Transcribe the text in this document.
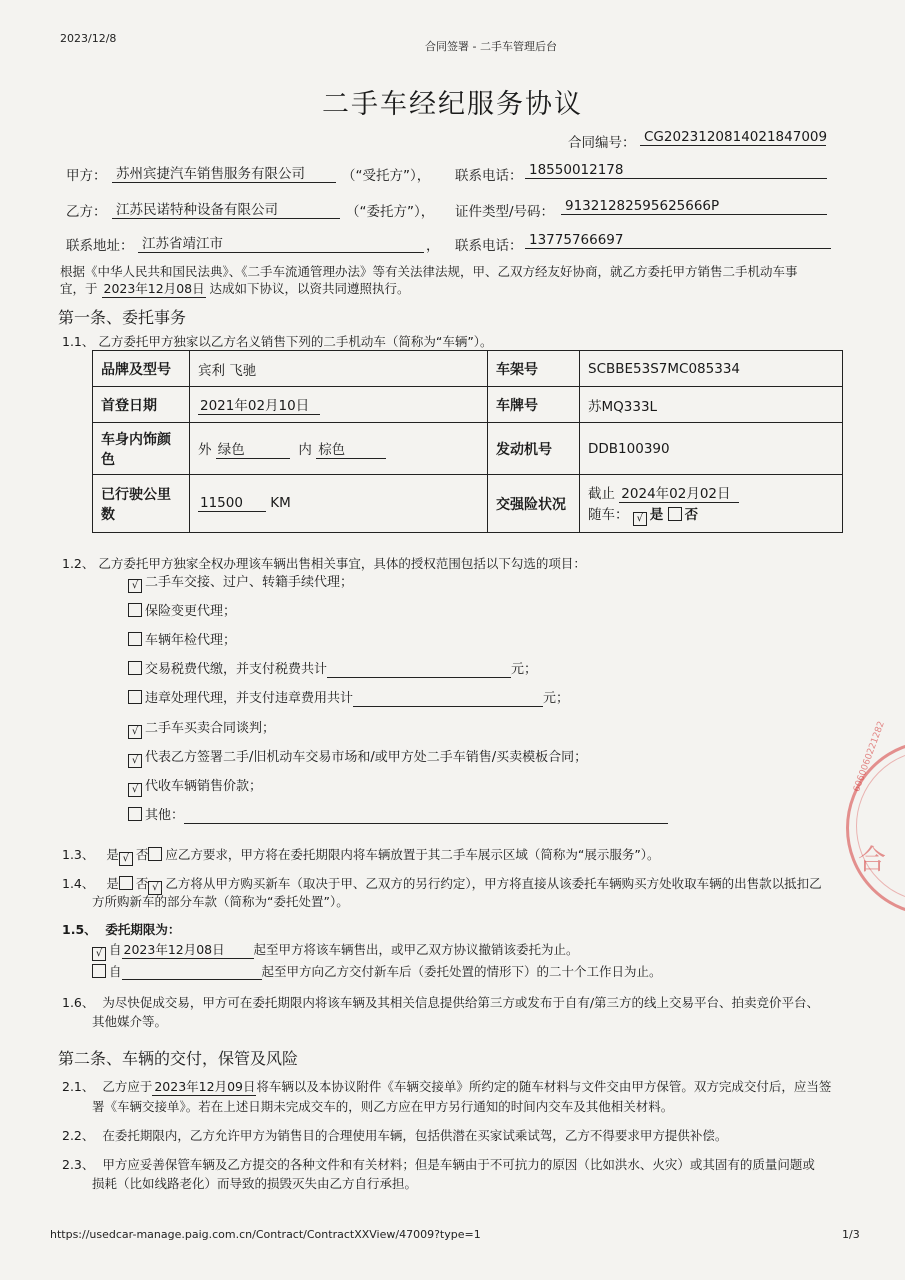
2023/12/8
合同签署 - 二手车管理后台
二手车经纪服务协议
合同编号： CG2023120814021847009
甲方： 苏州宾捷汽车销售服务有限公司	（“受托方”）， 联系电话： 18550012178
乙方： 江苏民诺特种设备有限公司	（“委托方”）， 证件类型/号码： 91321282595625666P
联系地址： 江苏省靖江市	， 联系电话： 13775766697
根据《中华人民共和国民法典》、《二手车流通管理办法》等有关法律法规，甲、乙双方经友好协商，就乙方委托甲方销售二手机动车事
宜，于 2023年12月08日 达成如下协议，以资共同遵照执行。
第一条、委托事务
1.1、 乙方委托甲方独家以乙方名义销售下列的二手机动车（简称为“车辆”）。
品牌及型号	宾利 飞驰	车架号	SCBBE53S7MC085334
首登日期	2021年02月10日	车牌号	苏MQ333L
车身内饰颜色	外 绿色 内 棕色	发动机号	DDB100390
已行驶公里数	11500 KM	交强险状况	截止 2024年02月02日
随车： √ 是 否
1.2、 乙方委托甲方独家全权办理该车辆出售相关事宜，具体的授权范围包括以下勾选的项目：
√ 二手车交接、过户、转籍手续代理；
保险变更代理；
车辆年检代理；
交易税费代缴，并支付税费共计	元；
违章处理代理，并支付违章费用共计	元；
√ 二手车买卖合同谈判；
√ 代表乙方签署二手/旧机动车交易市场和/或甲方处二手车销售/买卖模板合同；
√ 代收车辆销售价款；
其他：
1.3、 是 √ 否 应乙方要求，甲方将在委托期限内将车辆放置于其二手车展示区域（简称为“展示服务”）。
1.4、 是 否 √ 乙方将从甲方购买新车（取决于甲、乙双方的另行约定），甲方将直接从该委托车辆购买方处收取车辆的出售款以抵扣乙
方所购新车的部分车款（简称为“委托处置”）。
1.5、 委托期限为：
√ 自 2023年12月08日 起至甲方将该车辆售出，或甲乙双方协议撤销该委托为止。
自	起至甲方向乙方交付新车后（委托处置的情形下）的二十个工作日为止。
1.6、 为尽快促成交易，甲方可在委托期限内将该车辆及其相关信息提供给第三方或发布于自有/第三方的线上交易平台、拍卖竞价平台、
其他媒介等。
第二条、车辆的交付，保管及风险
2.1、 乙方应于 2023年12月09日将车辆以及本协议附件《车辆交接单》所约定的随车材料与文件交由甲方保管。双方完成交付后，应当签
署《车辆交接单》。若在上述日期未完成交车的，则乙方应在甲方另行通知的时间内交车及其他相关材料。
2.2、 在委托期限内，乙方允许甲方为销售目的合理使用车辆，包括供潜在买家试乘试驾，乙方不得要求甲方提供补偿。
2.3、 甲方应妥善保管车辆及乙方提交的各种文件和有关材料；但是车辆由于不可抗力的原因（比如洪水、火灾）或其固有的质量问题或
损耗（比如线路老化）而导致的损毁灭失由乙方自行承担。
https://usedcar-manage.paig.com.cn/Contract/ContractXXView/47009?type=1	1/3
6060060221282
合
